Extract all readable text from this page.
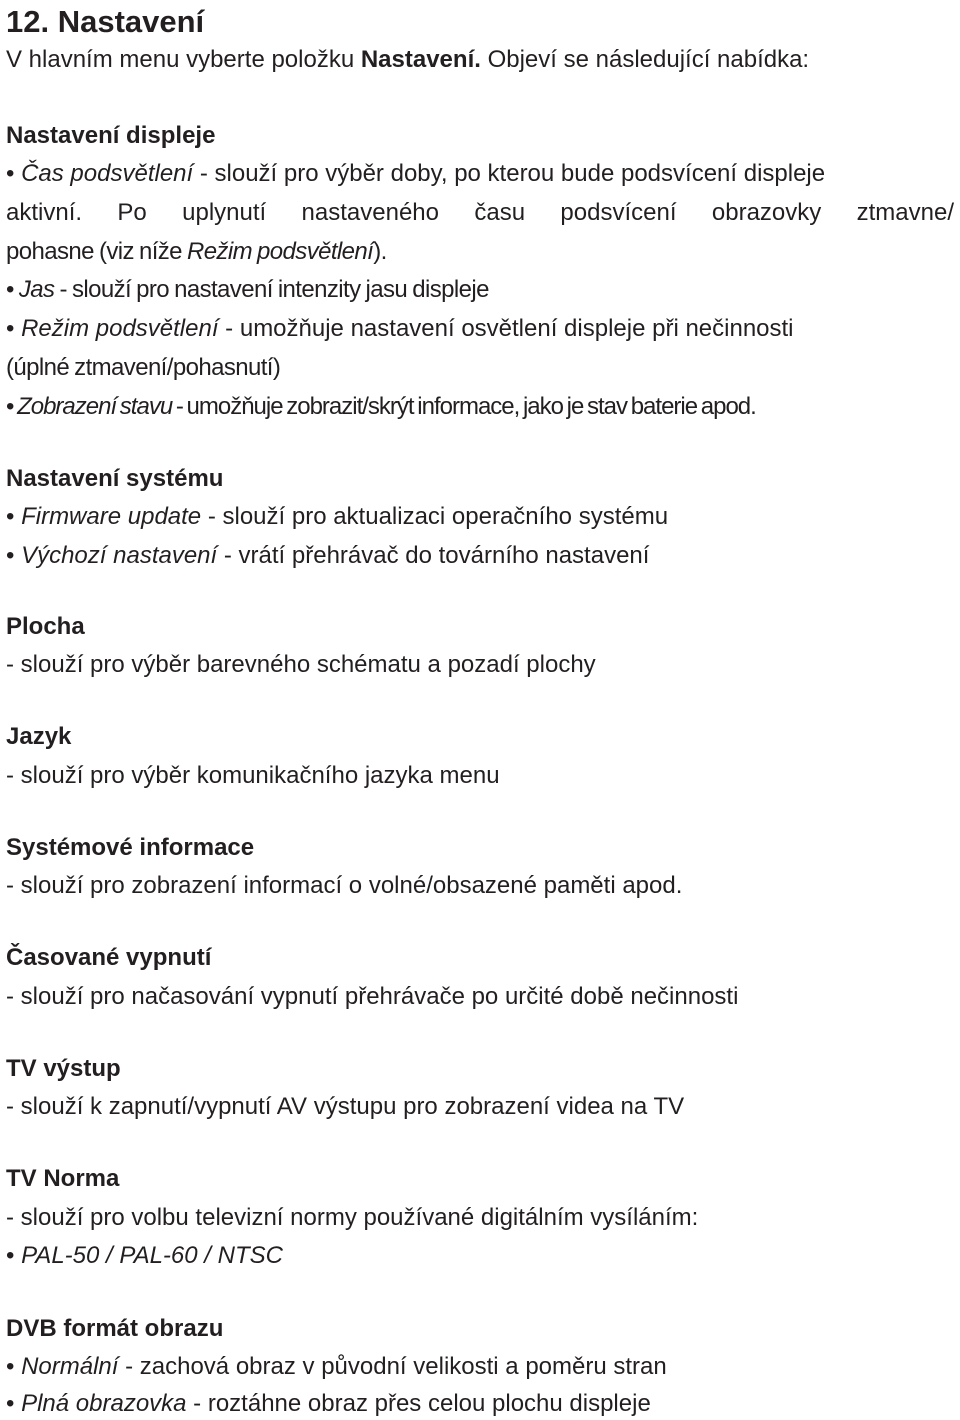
12. Nastavení
V hlavním menu vyberte položku Nastavení. Objeví se následující nabídka:
Nastavení displeje
• Čas podsvětlení - slouží pro výběr doby, po kterou bude podsvícení displeje
aktivní. Po uplynutí nastaveného času podsvícení obrazovky ztmavne/
pohasne (viz níže Režim podsvětlení).
• Jas - slouží pro nastavení intenzity jasu displeje
• Režim podsvětlení - umožňuje nastavení osvětlení displeje při nečinnosti
(úplné ztmavení/pohasnutí)
• Zobrazení stavu - umožňuje zobrazit/skrýt informace, jako je stav baterie apod.
Nastavení systému
• Firmware update - slouží pro aktualizaci operačního systému
• Výchozí nastavení - vrátí přehrávač do továrního nastavení
Plocha
- slouží pro výběr barevného schématu a pozadí plochy
Jazyk
- slouží pro výběr komunikačního jazyka menu
Systémové informace
- slouží pro zobrazení informací o volné/obsazené paměti apod.
Časované vypnutí
- slouží pro načasování vypnutí přehrávače po určité době nečinnosti
TV výstup
- slouží k zapnutí/vypnutí AV výstupu pro zobrazení videa na TV
TV Norma
- slouží pro volbu televizní normy používané digitálním vysíláním:
• PAL-50 / PAL-60 / NTSC
DVB formát obrazu
• Normální - zachová obraz v původní velikosti a poměru stran
• Plná obrazovka - roztáhne obraz přes celou plochu displeje
